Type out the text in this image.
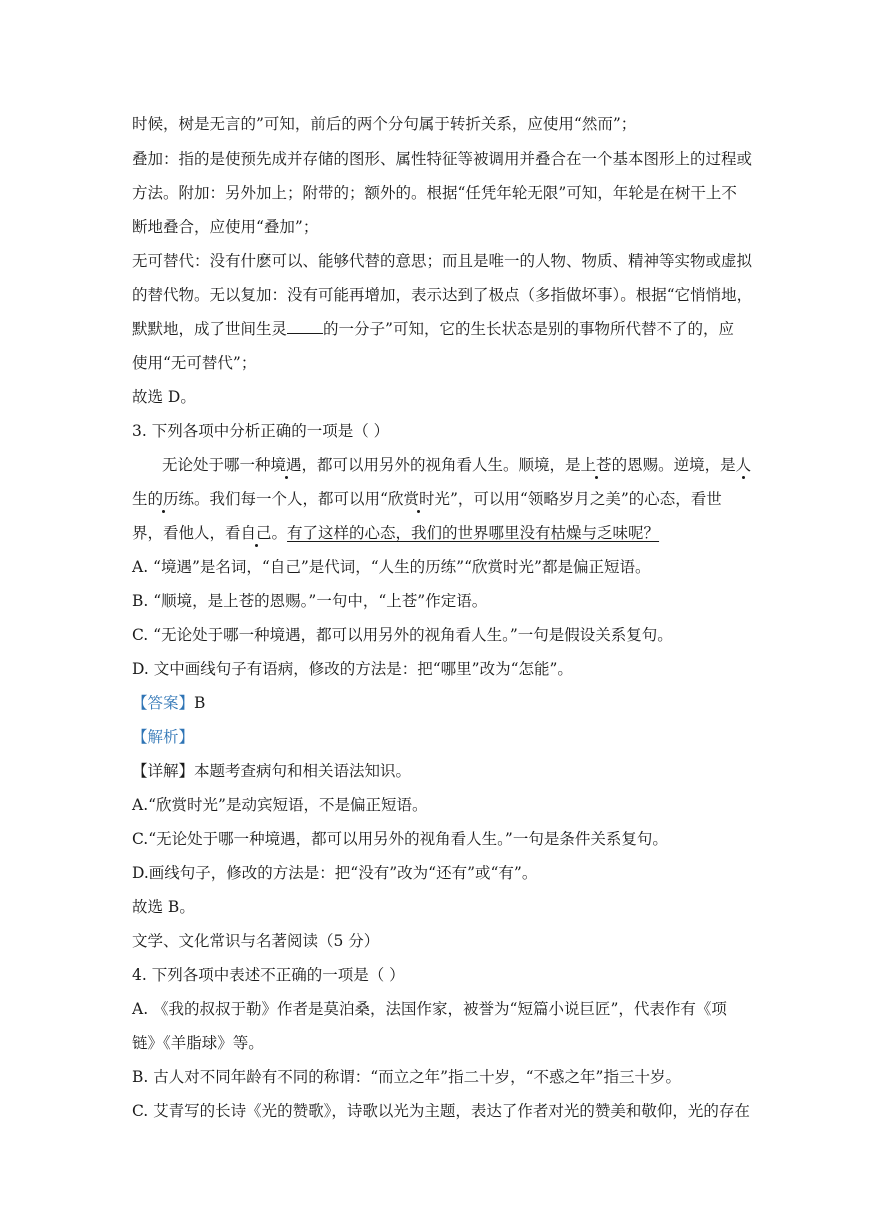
时候，树是无言的”可知，前后的两个分句属于转折关系，应使用“然而”；
叠加：指的是使预先成并存储的图形、属性特征等被调用并叠合在一个基本图形上的过程或
方法。附加：另外加上；附带的；额外的。根据“任凭年轮无限”可知，年轮是在树干上不
断地叠合，应使用“叠加”；
无可替代：没有什麽可以、能够代替的意思；而且是唯一的人物、物质、精神等实物或虚拟
的替代物。无以复加：没有可能再增加，表示达到了极点（多指做坏事）。根据“它悄悄地，
默默地，成了世间生灵 的一分子”可知，它的生长状态是别的事物所代替不了的，应
使用“无可替代”；
故选 D。
3. 下列各项中分析正确的一项是（ ）
无论处于哪一种境遇，都可以用另外的视角看人生。顺境，是上苍的恩赐。逆境，是人
生的历练。我们每一个人，都可以用“欣赏时光”，可以用“领略岁月之美”的心态，看世
界，看他人，看自己。有了这样的心态，我们的世界哪里没有枯燥与乏味呢？
A. “境遇”是名词，“自己”是代词，“人生的历练”“欣赏时光”都是偏正短语。
B. “顺境，是上苍的恩赐。”一句中，“上苍”作定语。
C. “无论处于哪一种境遇，都可以用另外的视角看人生。”一句是假设关系复句。
D. 文中画线句子有语病，修改的方法是：把“哪里”改为“怎能”。
【答案】B
【解析】
【详解】本题考查病句和相关语法知识。
A.“欣赏时光”是动宾短语，不是偏正短语。
C.“无论处于哪一种境遇，都可以用另外的视角看人生。”一句是条件关系复句。
D.画线句子，修改的方法是：把“没有”改为“还有”或“有”。
故选 B。
文学、文化常识与名著阅读（5 分）
4. 下列各项中表述不正确的一项是（ ）
A. 《我的叔叔于勒》作者是莫泊桑，法国作家，被誉为“短篇小说巨匠”，代表作有《项
链》《羊脂球》等。
B. 古人对不同年龄有不同的称谓：“而立之年”指二十岁，“不惑之年”指三十岁。
C. 艾青写的长诗《光的赞歌》，诗歌以光为主题，表达了作者对光的赞美和敬仰，光的存在
